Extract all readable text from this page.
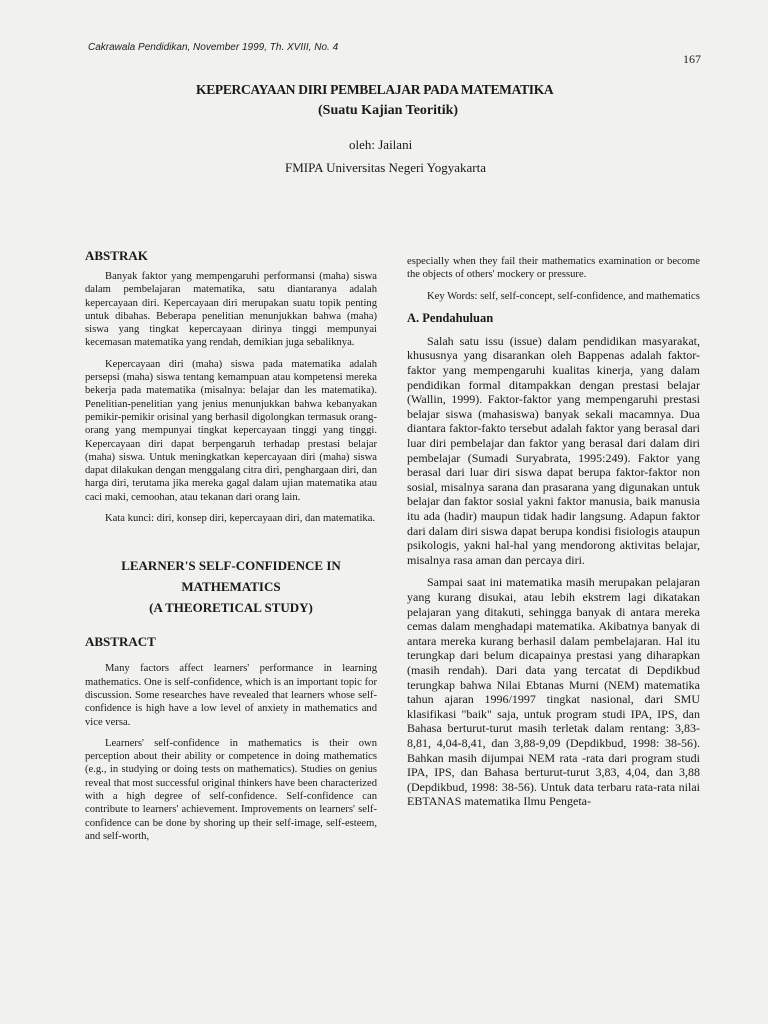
Cakrawala Pendidikan, November 1999, Th. XVIII, No. 4
167
KEPERCAYAAN DIRI PEMBELAJAR PADA MATEMATIKA
(Suatu Kajian Teoritik)
oleh: Jailani
FMIPA Universitas Negeri Yogyakarta
ABSTRAK

Banyak faktor yang mempengaruhi performansi (maha) siswa dalam pembelajaran matematika, satu diantaranya adalah kepercayaan diri. Kepercayaan diri merupakan suatu topik penting untuk dibahas. Beberapa penelitian menunjukkan bahwa (maha) siswa yang tingkat kepercayaan dirinya tinggi mempunyai kecemasan matematika yang rendah, demikian juga sebaliknya.

Kepercayaan diri (maha) siswa pada matematika adalah persepsi (maha) siswa tentang kemampuan atau kompetensi mereka bekerja pada matematika (misalnya: belajar dan les matematika). Penelitian-penelitian yang jenius menunjukkan bahwa kebanyakan pemikir-pemikir orisinal yang berhasil digolongkan termasuk orang-orang yang mempunyai tingkat kepercayaan tinggi yang tinggi. Kepercayaan diri dapat berpengaruh terhadap prestasi belajar (maha) siswa. Untuk meningkatkan kepercayaan diri (maha) siswa dapat dilakukan dengan menggalang citra diri, penghargaan diri, dan harga diri, terutama jika mereka gagal dalam ujian matematika atau caci maki, cemoohan, atau tekanan dari orang lain.

Kata kunci: diri, konsep diri, kepercayaan diri, dan matematika.

LEARNER'S SELF-CONFIDENCE IN
MATHEMATICS
(A THEORETICAL STUDY)
ABSTRACT

Many factors affect learners' performance in learning mathematics. One is self-confidence, which is an important topic for discussion. Some researches have revealed that learners whose self-confidence is high have a low level of anxiety in mathematics and vice versa.

Learners' self-confidence in mathematics is their own perception about their ability or competence in doing mathematics (e.g., in studying or doing tests on mathematics). Studies on genius reveal that most successful original thinkers have been characterized with a high degree of self-confidence. Self-confidence can contribute to learners' achievement. Improvements on learners' self-confidence can be done by shoring up their self-image, self-esteem, and self-worth,

especially when they fail their mathematics examination or become the objects of others' mockery or pressure.

Key Words: self, self-concept, self-confidence, and mathematics

A. Pendahuluan

Salah satu issu (issue) dalam pendidikan masyarakat, khususnya yang disarankan oleh Bappenas adalah faktor-faktor yang mempengaruhi kualitas kinerja, yang dalam pendidikan formal ditampakkan dengan prestasi belajar (Wallin, 1999). Faktor-faktor yang mempengaruhi prestasi belajar siswa (mahasiswa) banyak sekali macamnya. Dua diantara faktor-fakto tersebut adalah faktor yang berasal dari luar diri pembelajar dan faktor yang berasal dari dalam diri pembelajar (Sumadi Suryabrata, 1995:249). Faktor yang berasal dari luar diri siswa dapat berupa faktor-faktor non sosial, misalnya sarana dan prasarana yang digunakan untuk belajar dan faktor sosial yakni faktor manusia, baik manusia itu ada (hadir) maupun tidak hadir langsung. Adapun faktor dari dalam diri siswa dapat berupa kondisi fisiologis ataupun psikologis, yakni hal-hal yang mendorong aktivitas belajar, misalnya rasa aman dan percaya diri.

Sampai saat ini matematika masih merupakan pelajaran yang kurang disukai, atau lebih ekstrem lagi dikatakan pelajaran yang ditakuti, sehingga banyak di antara mereka cemas dalam menghadapi matematika. Akibatnya banyak di antara mereka kurang berhasil dalam pembelajaran. Hal itu terungkap dari belum dicapainya prestasi yang diharapkan (masih rendah). Dari data yang tercatat di Depdikbud terungkap bahwa Nilai Ebtanas Murni (NEM) matematika tahun ajaran 1996/1997 tingkat nasional, dari SMU klasifikasi "baik" saja, untuk program studi IPA, IPS, dan Bahasa berturut-turut masih terletak dalam rentang: 3,83-8,81, 4,04-8,41, dan 3,88-9,09 (Depdikbud, 1998: 38-56). Bahkan masih dijumpai NEM rata -rata dari program studi IPA, IPS, dan Bahasa berturut-turut 3,83, 4,04, dan 3,88 (Depdikbud, 1998: 38-56). Untuk data terbaru rata-rata nilai EBTANAS matematika Ilmu Pengeta-
